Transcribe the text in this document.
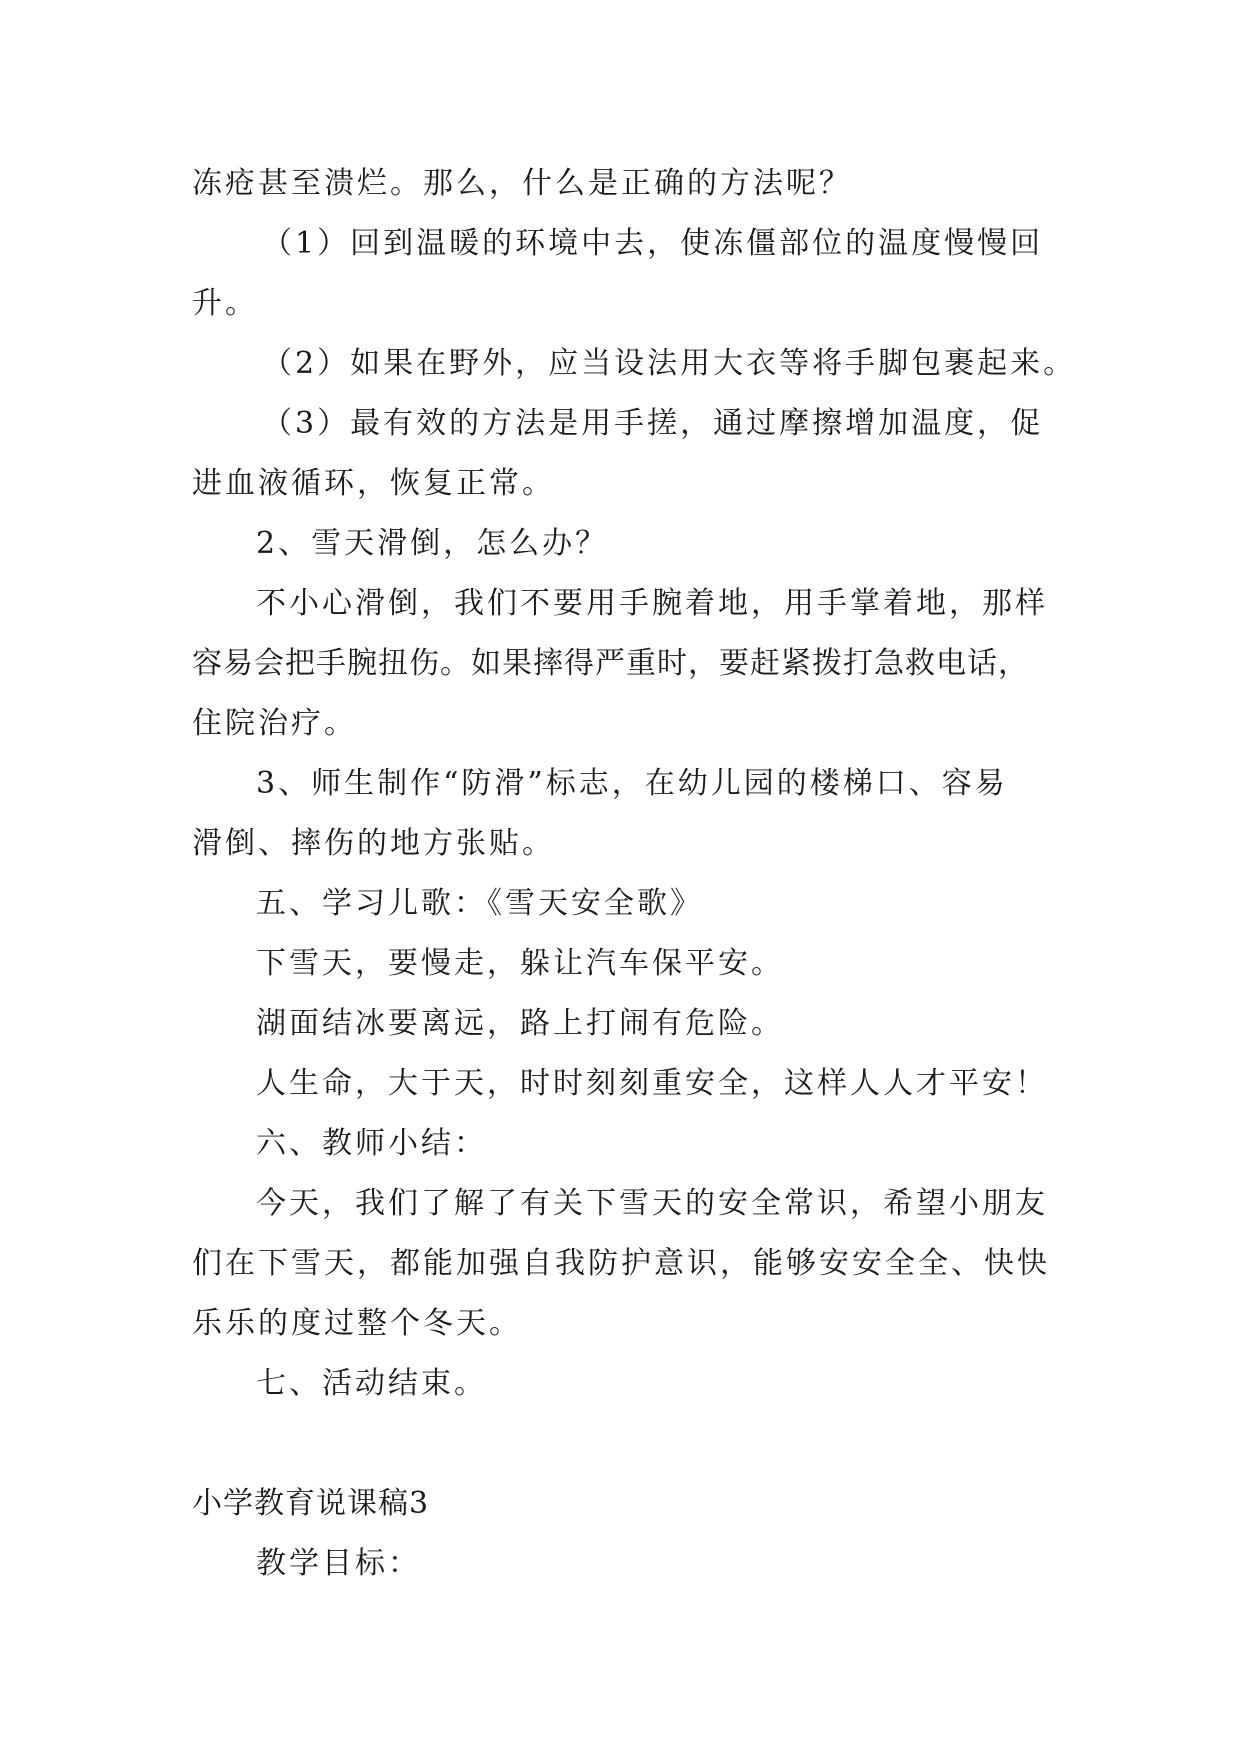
冻疮甚至溃烂。那么，什么是正确的方法呢？
（1）回到温暖的环境中去，使冻僵部位的温度慢慢回
升。
（2）如果在野外，应当设法用大衣等将手脚包裹起来。
（3）最有效的方法是用手搓，通过摩擦增加温度，促
进血液循环，恢复正常。
2、雪天滑倒，怎么办？
不小心滑倒，我们不要用手腕着地，用手掌着地，那样
容易会把手腕扭伤。如果摔得严重时，要赶紧拨打急救电话，
住院治疗。
3、师生制作“防滑”标志，在幼儿园的楼梯口、容易
滑倒、摔伤的地方张贴。
五、学习儿歌：《雪天安全歌》
下雪天，要慢走，躲让汽车保平安。
湖面结冰要离远，路上打闹有危险。
人生命，大于天，时时刻刻重安全，这样人人才平安！
六、教师小结：
今天，我们了解了有关下雪天的安全常识，希望小朋友
们在下雪天，都能加强自我防护意识，能够安安全全、快快
乐乐的度过整个冬天。
七、活动结束。
小学教育说课稿3
教学目标：
